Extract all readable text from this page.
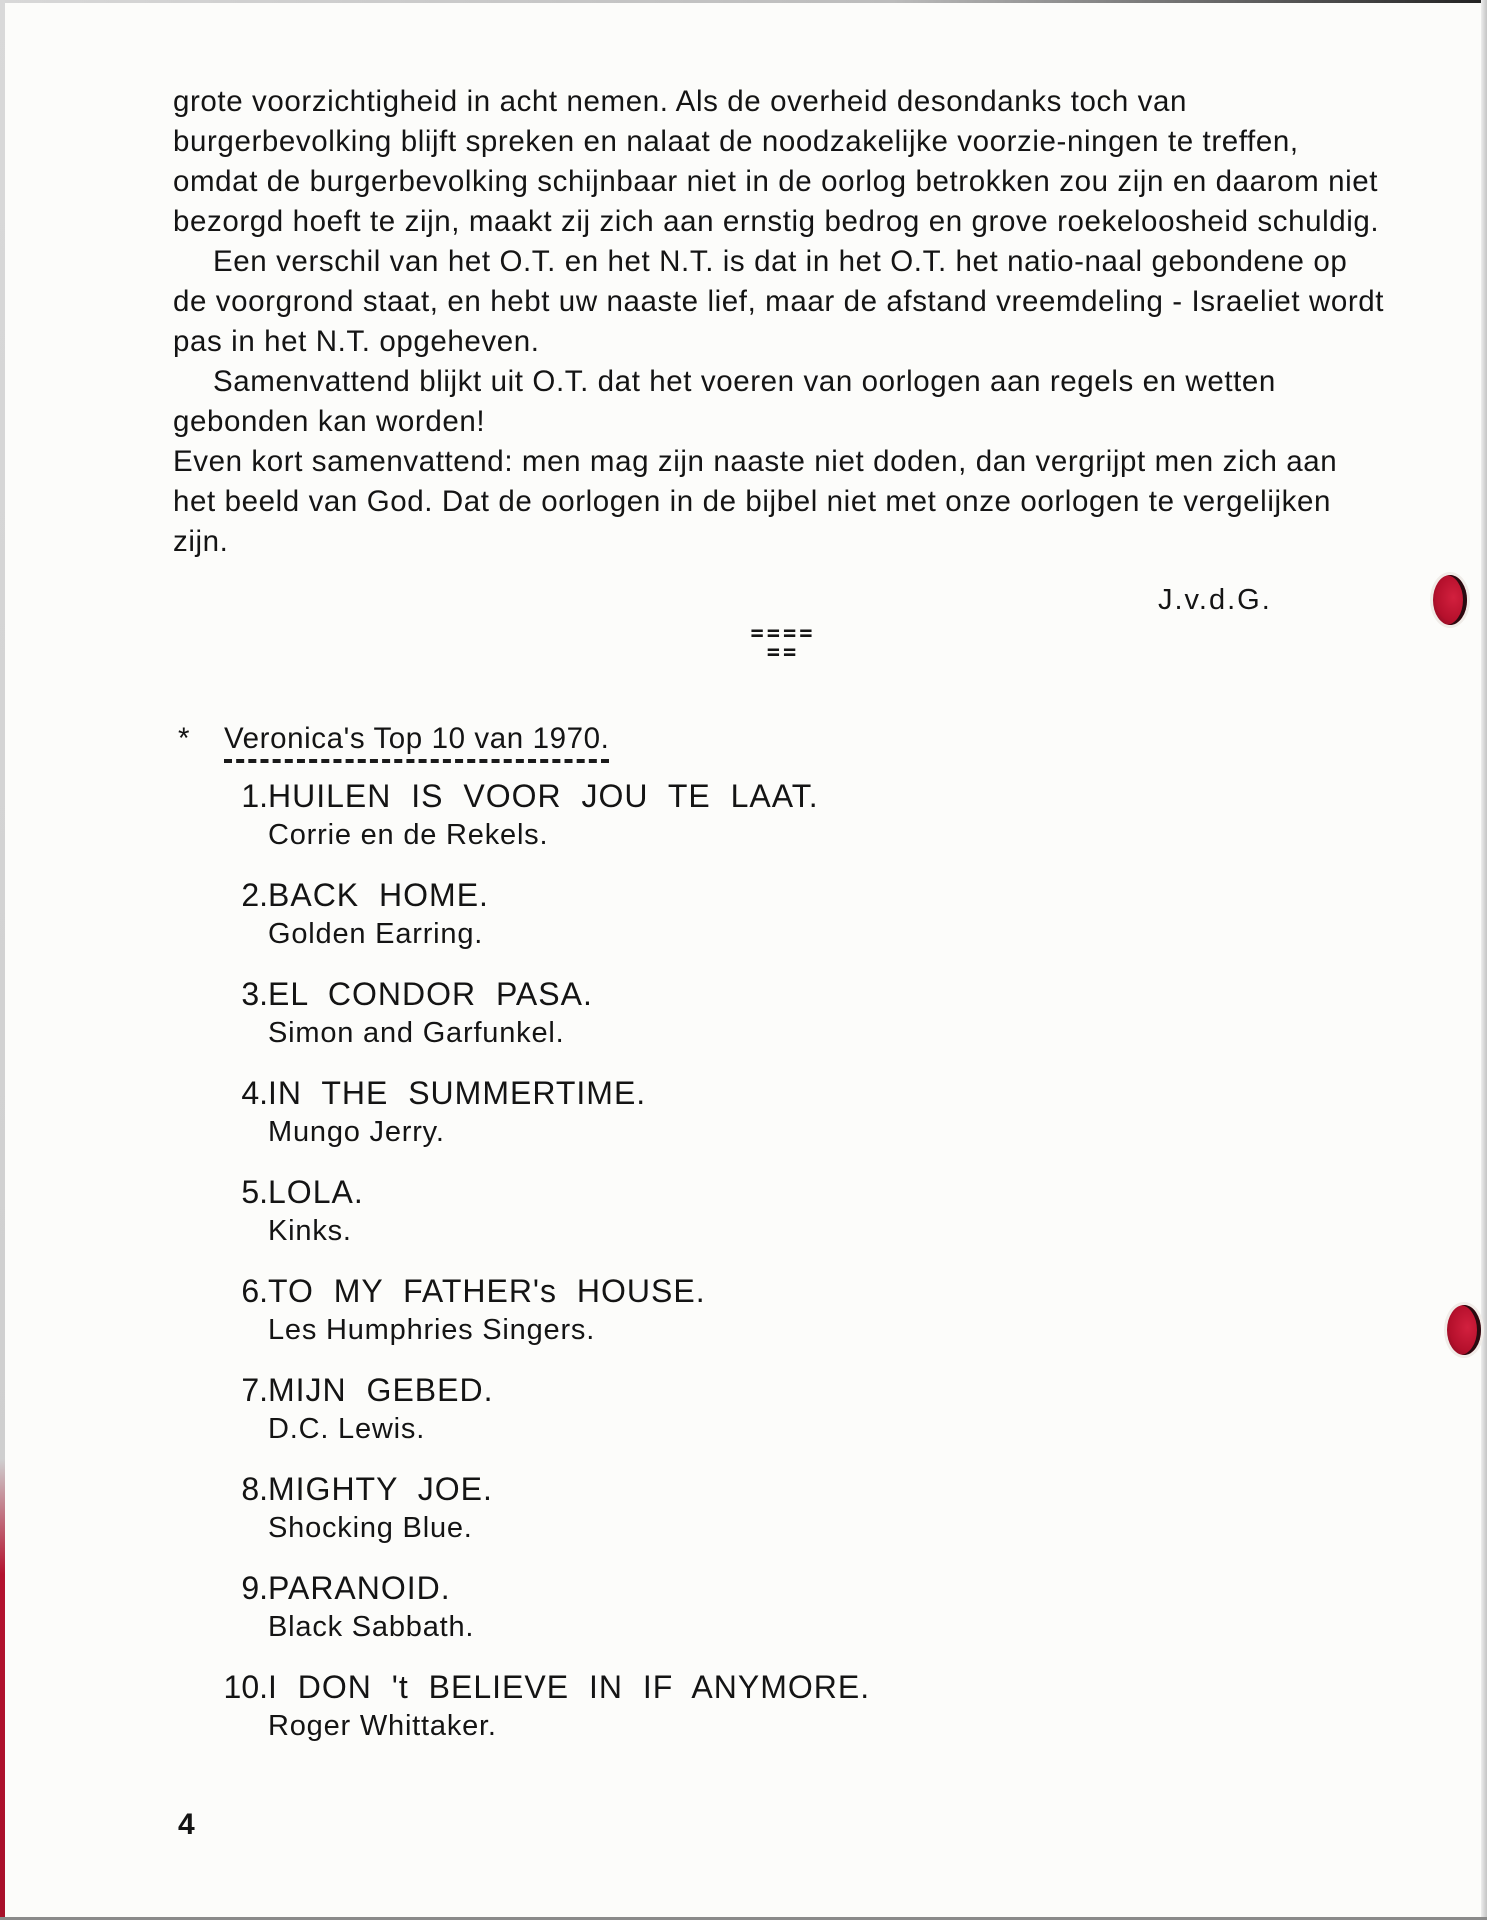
grote voorzichtigheid in acht nemen. Als de overheid desondanks toch van burgerbevolking blijft spreken en nalaat de noodzakelijke voorzie-ningen te treffen, omdat de burgerbevolking schijnbaar niet in de oorlog betrokken zou zijn en daarom niet bezorgd hoeft te zijn, maakt zij zich aan ernstig bedrog en grove roekeloosheid schuldig.

Een verschil van het O.T. en het N.T. is dat in het O.T. het natio-naal gebondene op de voorgrond staat, en hebt uw naaste lief, maar de afstand vreemdeling - Israeliet wordt pas in het N.T. opgeheven.

Samenvattend blijkt uit O.T. dat het voeren van oorlogen aan regels en wetten gebonden kan worden!

Even kort samenvattend: men mag zijn naaste niet doden, dan vergrijpt men zich aan het beeld van God. Dat de oorlogen in de bijbel niet met onze oorlogen te vergelijken zijn.

J.v.d.G.
====
==
* Veronica's Top 10 van 1970.
1. HUILEN IS VOOR JOU TE LAAT.
Corrie en de Rekels.
2. BACK HOME.
Golden Earring.
3. EL CONDOR PASA.
Simon and Garfunkel.
4. IN THE SUMMERTIME.
Mungo Jerry.
5. LOLA.
Kinks.
6. TO MY FATHER's HOUSE.
Les Humphries Singers.
7. MIJN GEBED.
D.C. Lewis.
8. MIGHTY JOE.
Shocking Blue.
9. PARANOID.
Black Sabbath.
10. I DON 't BELIEVE IN IF ANYMORE.
Roger Whittaker.
4
